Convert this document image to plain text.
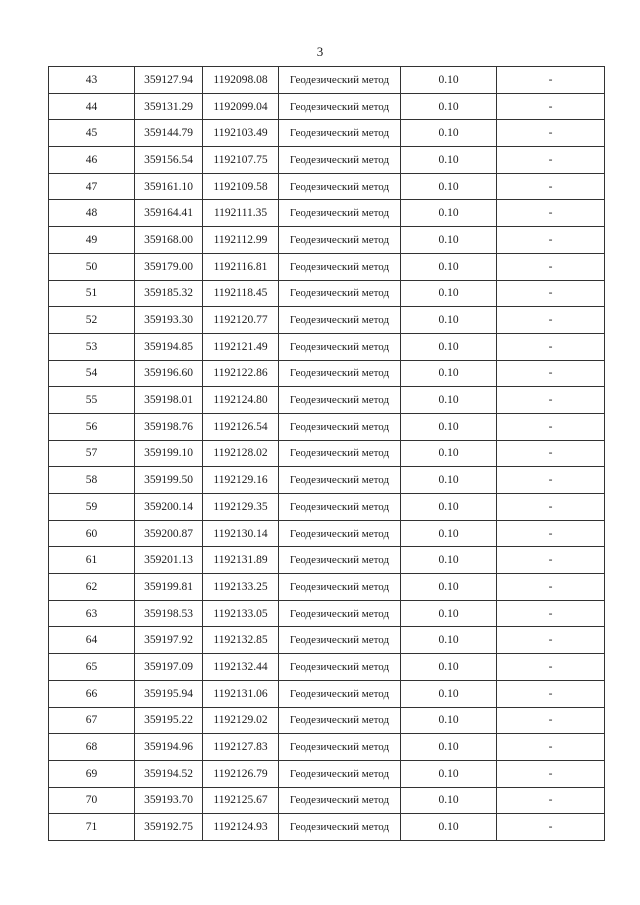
3
43	359127.94	1192098.08	Геодезический метод	0.10	-
44	359131.29	1192099.04	Геодезический метод	0.10	-
45	359144.79	1192103.49	Геодезический метод	0.10	-
46	359156.54	1192107.75	Геодезический метод	0.10	-
47	359161.10	1192109.58	Геодезический метод	0.10	-
48	359164.41	1192111.35	Геодезический метод	0.10	-
49	359168.00	1192112.99	Геодезический метод	0.10	-
50	359179.00	1192116.81	Геодезический метод	0.10	-
51	359185.32	1192118.45	Геодезический метод	0.10	-
52	359193.30	1192120.77	Геодезический метод	0.10	-
53	359194.85	1192121.49	Геодезический метод	0.10	-
54	359196.60	1192122.86	Геодезический метод	0.10	-
55	359198.01	1192124.80	Геодезический метод	0.10	-
56	359198.76	1192126.54	Геодезический метод	0.10	-
57	359199.10	1192128.02	Геодезический метод	0.10	-
58	359199.50	1192129.16	Геодезический метод	0.10	-
59	359200.14	1192129.35	Геодезический метод	0.10	-
60	359200.87	1192130.14	Геодезический метод	0.10	-
61	359201.13	1192131.89	Геодезический метод	0.10	-
62	359199.81	1192133.25	Геодезический метод	0.10	-
63	359198.53	1192133.05	Геодезический метод	0.10	-
64	359197.92	1192132.85	Геодезический метод	0.10	-
65	359197.09	1192132.44	Геодезический метод	0.10	-
66	359195.94	1192131.06	Геодезический метод	0.10	-
67	359195.22	1192129.02	Геодезический метод	0.10	-
68	359194.96	1192127.83	Геодезический метод	0.10	-
69	359194.52	1192126.79	Геодезический метод	0.10	-
70	359193.70	1192125.67	Геодезический метод	0.10	-
71	359192.75	1192124.93	Геодезический метод	0.10	-
